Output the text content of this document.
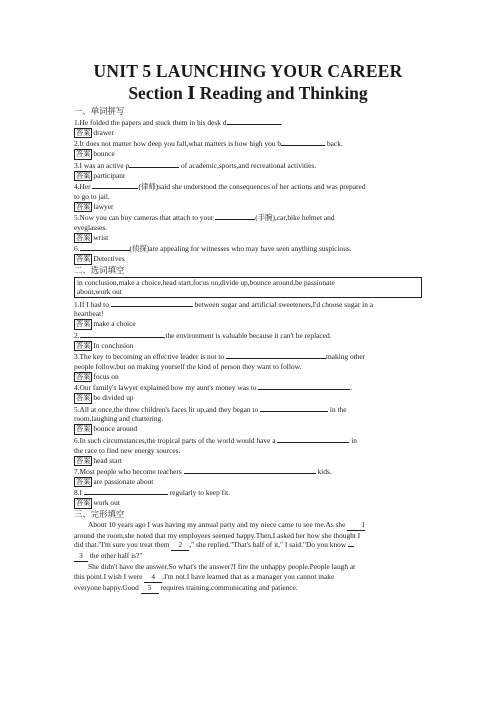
UNIT 5 LAUNCHING YOUR CAREER

Section Ⅰ Reading and Thinking

一、单词拼写

1.He folded the papers and stuck them in his desk d	.

答案 drawer

2.It does not matter how deep you fall,what matters is how high you b	back.

答案 bounce

3.I was an active p	of academic,sports,and recreational activities.

答案 participant

4.Her	(律师)said she understood the consequences of her actions and was prepared

to go to jail.

答案 lawyer

5.Now you can buy cameras that attach to your	(手腕),car,bike helmet and

eyeglasses.

答案 wrist

6.	(侦探)are appealing for witnesses who may have seen anything suspicious.

答案 Detectives

二、选词填空

in conclusion,make a choice,head start,focus on,divide up,bounce around,be passionate
about,work out

1.If I had to	between sugar and artificial sweeteners,I'd choose sugar in a

heartbeat!

答案 make a choice

2.	,the environment is valuable because it can't be replaced.

答案 In conclusion

3.The key to becoming an effective leader is not to	making other

people follow,but on making yourself the kind of person they want to follow.

答案 focus on

4.Our family's lawyer explained how my aunt's money was to	.

答案 be divided up

5.All at once,the three children's faces lit up,and they began to	in the

room,laughing and chattering.

答案 bounce around

6.In such circumstances,the tropical parts of the world would have a	in

the race to find new energy sources.

答案 head start

7.Most people who become teachers	kids.

答案 are passionate about

8.I	regularly to keep fit.

答案 work out

三、完形填空

About 10 years ago I was having my annual party and my niece came to see me.As she 1

around the room,she noted that my employees seemed happy.Then,I asked her how she thought I

did that."I'm sure you treat them 2 ," she replied."That's half of it," I said."Do you know

3 the other half is?"

She didn't have the answer.So what's the answer?I fire the unhappy people.People laugh at

this point.I wish I were 4 .I'm not.I have learned that as a manager you cannot make

everyone happy.Good 5 requires training,communicating and patience.
